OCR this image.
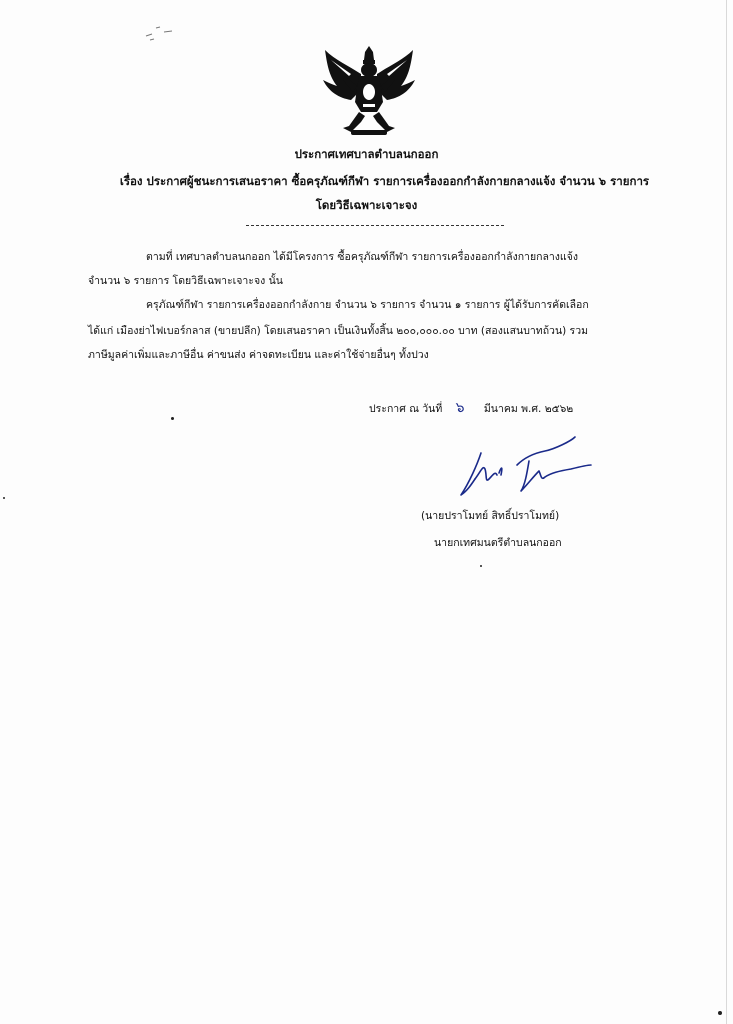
ประกาศเทศบาลตำบลนกออก
เรื่อง ประกาศผู้ชนะการเสนอราคา ซื้อครุภัณฑ์กีฬา รายการเครื่องออกกำลังกายกลางแจ้ง จำนวน ๖ รายการ
โดยวิธีเฉพาะเจาะจง
ตามที่ เทศบาลตำบลนกออก ได้มีโครงการ ซื้อครุภัณฑ์กีฬา รายการเครื่องออกกำลังกายกลางแจ้ง
จำนวน ๖ รายการ โดยวิธีเฉพาะเจาะจง นั้น
ครุภัณฑ์กีฬา รายการเครื่องออกกำลังกาย จำนวน ๖ รายการ จำนวน ๑ รายการ ผู้ได้รับการคัดเลือก
ได้แก่ เมืองย่าไฟเบอร์กลาส (ขายปลีก) โดยเสนอราคา เป็นเงินทั้งสิ้น ๒๐๐,๐๐๐.๐๐ บาท (สองแสนบาทถ้วน) รวม
ภาษีมูลค่าเพิ่มและภาษีอื่น ค่าขนส่ง ค่าจดทะเบียน และค่าใช้จ่ายอื่นๆ ทั้งปวง
ประกาศ ณ วันที่ ๖ มีนาคม พ.ศ. ๒๕๖๒
(นายปราโมทย์ สิทธิ์ปราโมทย์)
นายกเทศมนตรีตำบลนกออก
